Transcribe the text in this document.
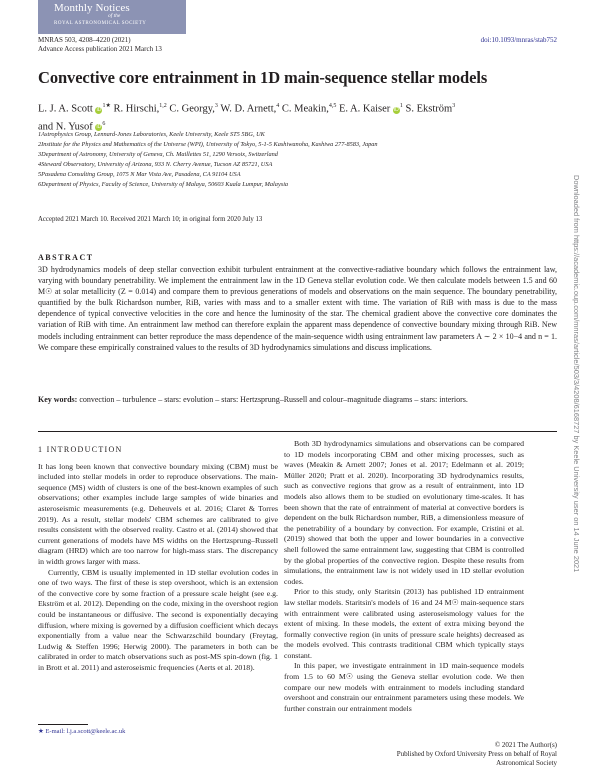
Monthly Notices
of the
ROYAL ASTRONOMICAL SOCIETY
MNRAS 503, 4208–4220 (2021)
Advance Access publication 2021 March 13
doi:10.1093/mnras/stab752
Convective core entrainment in 1D main-sequence stellar models
L. J. A. Scott $iD^{1★}$ R. Hirschi,$^{1,2}$ C. Georgy,$^3$ W. D. Arnett,$^4$ C. Meakin,$^{4,5}$ E. A. Kaiser $iD^1$ S. Ekström$^3$
and N. Yusof $iD^6$
1Astrophysics Group, Lennard-Jones Laboratories, Keele University, Keele ST5 5BG, UK
2Institute for the Physics and Mathematics of the Universe (WPI), University of Tokyo, 5-1-5 Kashiwanoha, Kashiwa 277-8583, Japan
3Department of Astronomy, University of Geneva, Ch. Maillettes 51, 1290 Versoix, Switzerland
4Steward Observatory, University of Arizona, 933 N. Cherry Avenue, Tucson AZ 85721, USA
5Pasadena Consulting Group, 1075 N Mar Vista Ave, Pasadena, CA 91104 USA
6Department of Physics, Faculty of Science, University of Malaya, 50603 Kuala Lumpur, Malaysia
Accepted 2021 March 10. Received 2021 March 10; in original form 2020 July 13
ABSTRACT
3D hydrodynamics models of deep stellar convection exhibit turbulent entrainment at the convective-radiative boundary which follows the entrainment law, varying with boundary penetrability. We implement the entrainment law in the 1D Geneva stellar evolution code. We then calculate models between 1.5 and 60 M☉ at solar metallicity (Z = 0.014) and compare them to previous generations of models and observations on the main sequence. The boundary penetrability, quantified by the bulk Richardson number, RiB, varies with mass and to a smaller extent with time. The variation of RiB with mass is due to the mass dependence of typical convective velocities in the core and hence the luminosity of the star. The chemical gradient above the convective core dominates the variation of RiB with time. An entrainment law method can therefore explain the apparent mass dependence of convective boundary mixing through RiB. New models including entrainment can better reproduce the mass dependence of the main-sequence width using entrainment law parameters A ∼ 2 × 10−4 and n = 1. We compare these empirically constrained values to the results of 3D hydrodynamics simulations and discuss implications.
Key words: convection – turbulence – stars: evolution – stars: Hertzsprung–Russell and colour–magnitude diagrams – stars: interiors.
1 INTRODUCTION

It has long been known that convective boundary mixing (CBM) must be included into stellar models in order to reproduce observations. The main-sequence (MS) width of clusters is one of the best-known examples of such observations; other examples include large samples of wide binaries and asteroseismic measurements (e.g. Deheuvels et al. 2016; Claret & Torres 2019). As a result, stellar models' CBM schemes are calibrated to give results consistent with the observed reality. Castro et al. (2014) showed that current generations of models have MS widths on the Hertzsprung–Russell diagram (HRD) which are too narrow for high-mass stars. The discrepancy in width grows larger with mass.

Currently, CBM is usually implemented in 1D stellar evolution codes in one of two ways. The first of these is step overshoot, which is an extension of the convective core by some fraction of a pressure scale height (see e.g. Ekström et al. 2012). Depending on the code, mixing in the overshoot region could be instantaneous or diffusive. The second is exponentially decaying diffusion, where mixing is governed by a diffusion coefficient which decays exponentially from a value near the Schwarzschild boundary (Freytag, Ludwig & Steffen 1996; Herwig 2000). The parameters in both can be calibrated in order to match observations such as post-MS spin-down (fig. 1 in Brott et al. 2011) and asteroseismic frequencies (Aerts et al. 2018).

Both 3D hydrodynamics simulations and observations can be compared to 1D models incorporating CBM and other mixing processes, such as waves (Meakin & Arnett 2007; Jones et al. 2017; Edelmann et al. 2019; Müller 2020; Pratt et al. 2020). Incorporating 3D hydrodynamics results, such as convective regions that grow as a result of entrainment, into 1D models also allows them to be studied on evolutionary time-scales. It has been shown that the rate of entrainment of material at convective borders is dependent on the bulk Richardson number, RiB, a dimensionless measure of the penetrability of a boundary by convection. For example, Cristini et al. (2019) showed that both the upper and lower boundaries in a convective shell followed the same entrainment law, suggesting that CBM is controlled by the global properties of the convective region. Despite these results from simulations, the entrainment law is not widely used in 1D stellar evolution codes.

Prior to this study, only Staritsin (2013) has published 1D entrainment law stellar models. Staritsin's models of 16 and 24 M☉ main-sequence stars with entrainment were calibrated using asteroseismology values for the extent of mixing. In these models, the extent of extra mixing beyond the formally convective region (in units of pressure scale heights) decreased as the models evolved. This contrasts traditional CBM which typically stays constant.

In this paper, we investigate entrainment in 1D main-sequence models from 1.5 to 60 M☉ using the Geneva stellar evolution code. We then compare our new models with entrainment to models including standard overshoot and constrain our entrainment parameters using these models. We further constrain our entrainment models

★ E-mail: l.j.a.scott@keele.ac.uk
© 2021 The Author(s)
Published by Oxford University Press on behalf of Royal Astronomical Society
Downloaded from https://academic.oup.com/mnras/article/503/3/4208/6168727 by Keele University user on 14 June 2021
